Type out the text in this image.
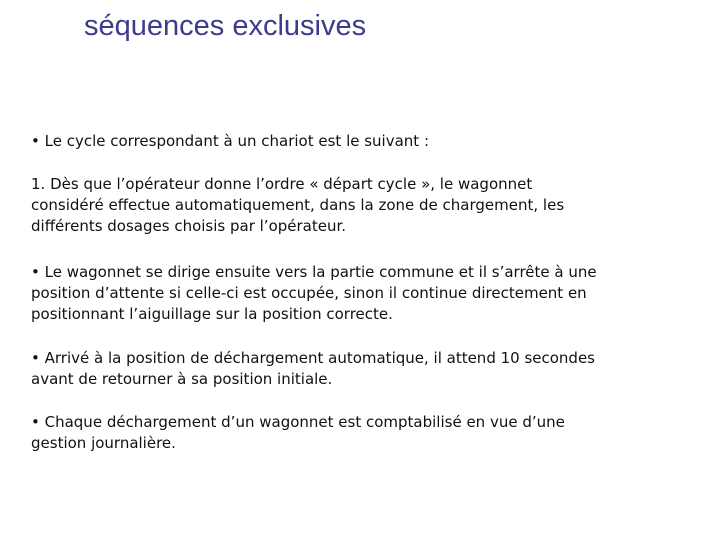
séquences exclusives

• Le cycle correspondant à un chariot est le suivant :

1. Dès que l’opérateur donne l’ordre « départ cycle », le wagonnet
considéré effectue automatiquement, dans la zone de chargement, les
différents dosages choisis par l’opérateur.

• Le wagonnet se dirige ensuite vers la partie commune et il s’arrête à une
position d’attente si celle-ci est occupée, sinon il continue directement en
positionnant l’aiguillage sur la position correcte.

• Arrivé à la position de déchargement automatique, il attend 10 secondes
avant de retourner à sa position initiale.

• Chaque déchargement d’un wagonnet est comptabilisé en vue d’une
gestion journalière.
